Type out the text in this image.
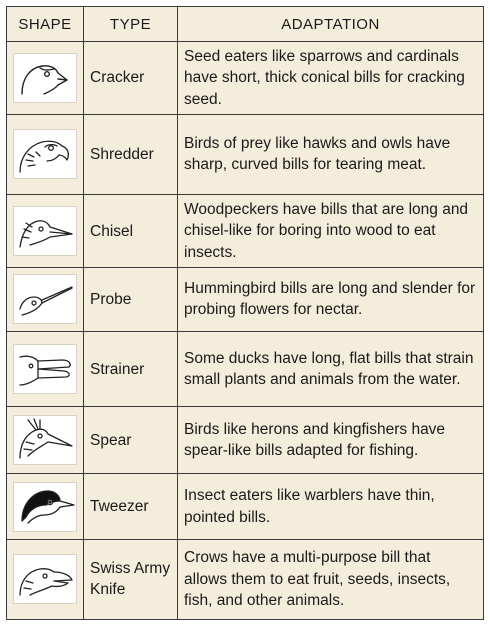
SHAPE	TYPE	ADAPTATION

	Cracker	Seed eaters like sparrows and cardinals have short, thick conical bills for cracking seed.

	Shredder	Birds of prey like hawks and owls have sharp, curved bills for tearing meat.

	Chisel	Woodpeckers have bills that are long and chisel-like for boring into wood to eat insects.

	Probe	Hummingbird bills are long and slender for probing flowers for nectar.

	Strainer	Some ducks have long, flat bills that strain small plants and animals from the water.

	Spear	Birds like herons and kingfishers have spear-like bills adapted for fishing.

	Tweezer	Insect eaters like warblers have thin, pointed bills.

	Swiss Army Knife	Crows have a multi-purpose bill that allows them to eat fruit, seeds, insects, fish, and other animals.
